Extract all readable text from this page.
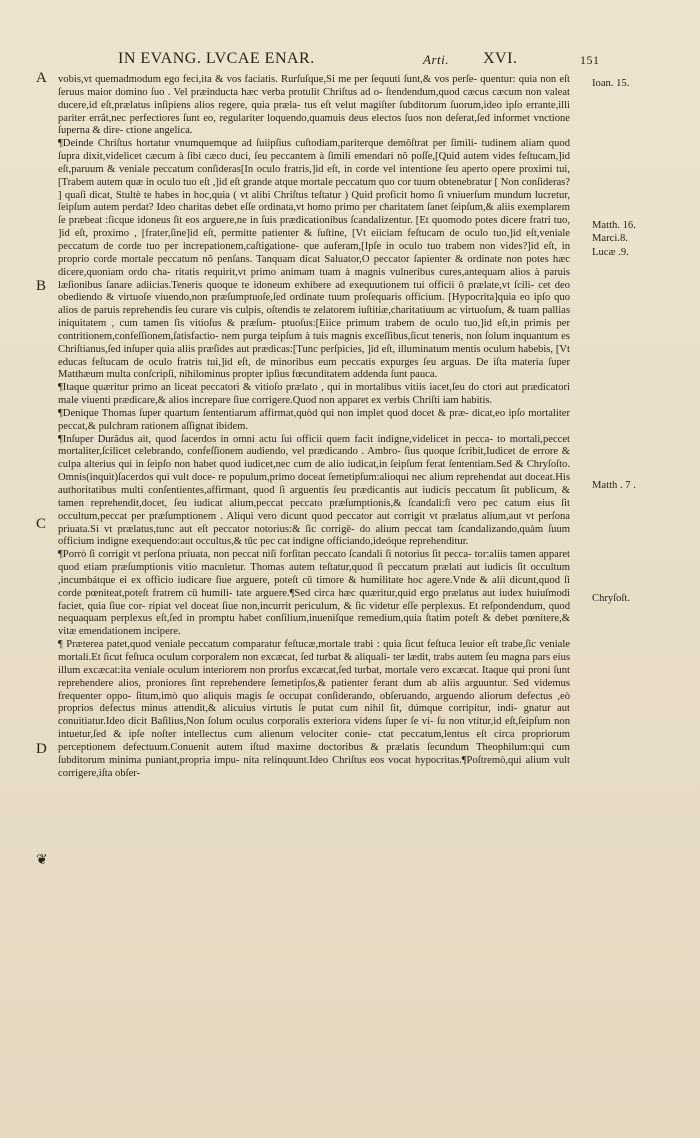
IN EVANG. LVCAE ENAR.	Arti. XVI.	151
A
B
C
D
❦
Ioan. 15.
Matth. 16.
Marci.8.
Lucæ .9.
Matth . 7 .
Chryſoſt.

vobis,vt quemadmodum ego feci,ita & vos faciatis. Rurſuſque,Si me per ſequuti ſunt,& vos perſe- quentur: quia non eſt ſeruus maior domino ſuo . Vel præinducta hæc verba protulit Chriſtus ad o- ſtendendum,quod cæcus cæcum non valeat ducere,id eſt,prælatus inſipiens alios regere, quia præla- tus eſt velut magiſter ſubditorum ſuorum,ideo ipſo errante,illi pariter errãt,nec perfectiores ſunt eo, regulariter loquendo,quamuis deus electos ſuos non deſerat,ſed informet vnctione ſuperna & dire- ctione angelica.

¶Deinde Chriſtus hortatur vnumquemque ad ſuiipſius cuſtodiam,pariterque demõſtrat per ſimili- tudinem aliam quod ſupra dixit,videlicet cæcum à ſibi cæco duci, ſeu peccantem à ſimili emendari nõ poſſe,[Quid autem vides feſtucam,]id eſt,paruum & veniale peccatum conſideras[In oculo fratris,]id eſt, in corde vel intentione ſeu aperto opere proximi tui,[Trabem autem quæ in oculo tuo eſt ,]id eſt grande atque mortale peccatum quo cor tuum obtenebratur [ Non conſideras? ] quaſi dicat, Stultè te habes in hoc,quia ( vt alibi Chriſtus teſtatur ) Quid proficit homo ſi vniuerſum mundum lucretur, ſeipſum autem perdat? Ideo charitas debet eſſe ordinata,vt homo primo per charitatem ſanet ſeipſum,& aliis exemplarem ſe præbeat :ſicque idoneus ſit eos arguere,ne in ſuis prædicationibus ſcandalizentur. [Et quomodo potes dicere fratri tuo, ]id eſt, proximo , [frater,ſine]id eſt, permitte patienter & ſuſtine, [Vt eiiciam feſtucam de oculo tuo,]id eſt,veniale peccatum de corde tuo per increpationem,caſtigatione- que auferam,[Ipſe in oculo tuo trabem non vides?]id eſt, in proprio corde mortale peccatum nõ penſans. Tanquam dicat Saluator,O peccator ſapienter & ordinate non potes hæc dicere,quoniam ordo cha- ritatis requirit,vt primo animam tuam à magnis vulneribus cures,antequam alios à paruis læſionibus ſanare adiicias.Teneris quoque te idoneum exhibere ad exequutionem tui officii ô prælate,vt ſcili- cet deo obediendo & virtuoſe viuendo,non præſumptuoſe,ſed ordinate tuum proſequaris officium. [Hypocrita]quia eo ipſo quo alios de paruis reprehendis ſeu curare vis culpis, oſtendis te zelatorem iuſtitiæ,charitatiuum ac virtuoſum, & tuam pallias iniquitatem , cum tamen ſis vitioſus & præſum- ptuoſus:[Eiice primum trabem de oculo tuo,]id eſt,in primis per contritionem,confeſſionem,ſatisfactio- nem purga teipſum à tuis magnis exceſſibus,ſicut teneris, non ſolum inquantum es Chriſtianus,ſed inſuper quia aliis præſides aut prædicas:[Tunc perſpicies, ]id eſt, illuminatum mentis oculum habebis, [Vt educas feſtucam de oculo fratris tui,]id eſt, de minoribus eum peccatis expurges ſeu arguas. De iſta materia ſuper Matthæum multa conſcripſi, nihilominus propter ipſius fœcunditatem addenda ſunt pauca.

¶Itaque quæritur primo an liceat peccatori & vitioſo prælato , qui in mortalibus vitiis iacet,ſeu do ctori aut prædicatori male viuenti prædicare,& alios increpare ſiue corrigere.Quod non apparet ex verbis Chriſti iam habitis.

¶Denique Thomas ſuper quartum ſententiarum affirmat,quòd qui non implet quod docet & præ- dicat,eo ipſo mortaliter peccat,& pulchram rationem aſſignat ibidem.

¶Inſuper Durãdus ait, quod ſacerdos in omni actu ſui officii quem facit indigne,videlicet in pecca- to mortali,peccet mortaliter,ſcilicet celebrando, confeſſionem audiendo, vel prædicando . Ambro- ſius quoque ſcribit,Iudicet de errore & culpa alterius qui in ſeipſo non habet quod iudicet,nec cum de alio iudicat,in ſeipſum ferat ſententiam.Sed & Chryſoſto. Omnis(inquit)ſacerdos qui vult doce- re populum,primo doceat ſemetipſum:alioqui nec alium reprehendat aut doceat.His authoritatibus multi conſentientes,affirmant, quod ſi arguentis ſeu prædicantis aut iudicis peccatum ſit publicum, & tamen reprehendit,docet, ſeu iudicat alium,peccat peccato præſumptionis,& ſcandali:ſi vero pec catum eius ſit occultum,peccat per præſumptionem . Aliqui vero dicunt quod peccator aut corrigit vt prælatus alium,aut vt perſona priuata.Si vt prælatus,tunc aut eſt peccator notorius:& ſic corrigē- do alium peccat tam ſcandalizando,quàm ſuum officium indigne exequendo:aut occultus,& tūc pec cat indigne officiando,ideóque reprehenditur.

¶Porrò ſi corrigit vt perſona priuata, non peccat niſi forſitan peccato ſcandali ſi notorius ſit pecca- tor:aliis tamen apparet quod etiam præſumptionis vitio maculetur. Thomas autem teſtatur,quod ſi peccatum prælati aut iudicis ſit occultum ,incumbátque ei ex officio iudicare ſiue arguere, poteſt cū timore & humilitate hoc agere.Vnde & alii dicunt,quod ſi corde pœniteat,poteſt fratrem cū humili- tate arguere.¶Sed circa hæc quæritur,quid ergo prælatus aut iudex huiuſmodi faciet, quia ſiue cor- ripiat vel doceat ſiue non,incurrit periculum, & ſic videtur eſſe perplexus. Et reſpondendum, quod nequaquam perplexus eſt,ſed in promptu habet conſilium,inueniſque remedium,quia ſtatim poteſt & debet pœnitere,& vitæ emendationem incipere.

¶ Præterea patet,quod veniale peccatum comparatur feſtucæ,mortale trabi : quia ſicut feſtuca leuior eſt trabe,ſic veniale mortali.Et ſicut feſtuca oculum corporalem non excæcat, ſed turbat & aliquali- ter lædit, trabs autem ſeu magna pars eius illum excæcat:ita veniale oculum interiorem non prorſus excæcat,ſed turbat, mortale vero excæcat. Itaque qui proni ſunt reprehendere alios, proniores ſint reprehendere ſemetipſos,& patienter ferant dum ab aliis arguuntur. Sed videmus frequenter oppo- ſitum,imò quo aliquis magis ſe occupat conſiderando, obſeruando, arguendo aliorum defectus ,eò proprios defectus minus attendit,& alicuius virtutis ſe putat cum nihil ſit, dúmque corripitur, indi- gnatur aut conuitiatur.Ideo dicit Baſilius,Non ſolum oculus corporalis exteriora videns ſuper ſe vi- ſu non vtitur,id eſt,ſeipſum non intuetur,ſed & ipſe noſter intellectus cum alienum velociter conie- ctat peccatum,lentus eſt circa propriorum perceptionem defectuum.Conuenit autem iſtud maxime doctoribus & prælatis ſecundum Theophilum:qui cum ſubditorum minima puniant,propria impu- nita relinquunt.Ideo Chriſtus eos vocat hypocritas.¶Poſtremò,qui alium vult corrigere,iſta obſer-
